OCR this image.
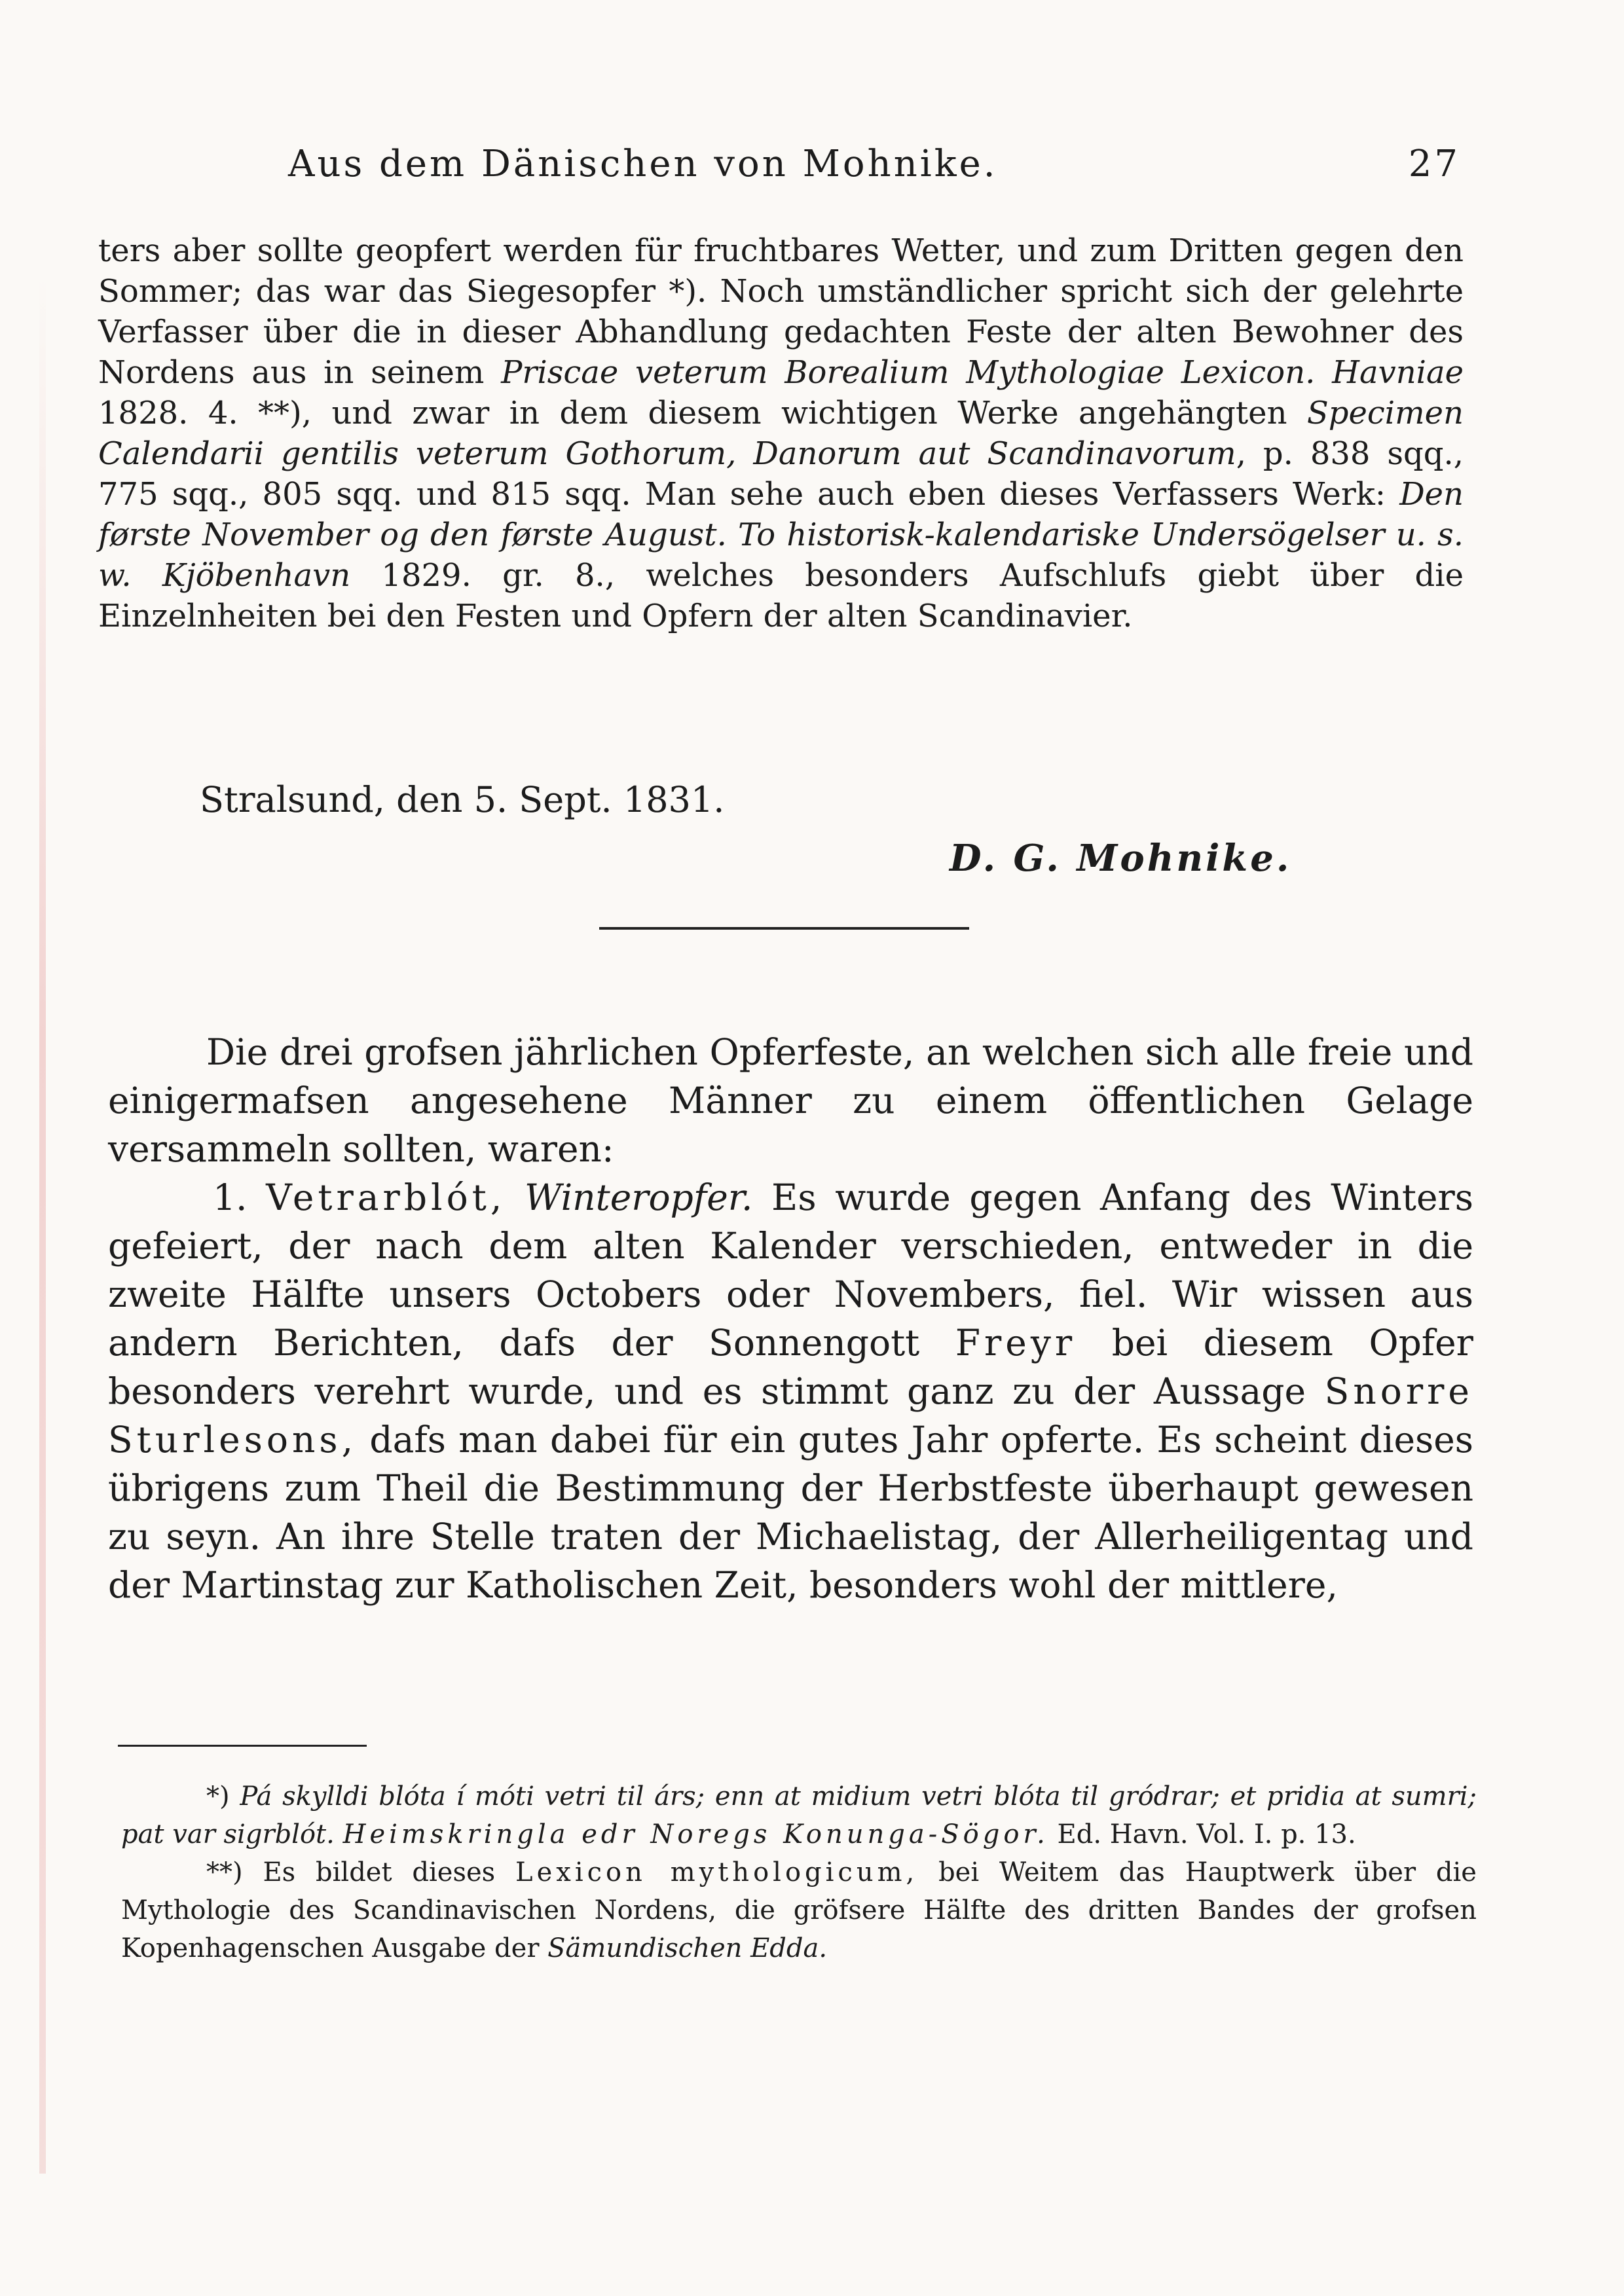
Aus dem Dänischen von Mohnike.	27

ters aber sollte geopfert werden für fruchtbares Wetter, und zum Dritten gegen den Sommer; das war das Siegesopfer *). Noch umständlicher spricht sich der gelehrte Verfasser über die in dieser Abhandlung gedachten Feste der alten Bewohner des Nordens aus in seinem Priscae veterum Borealium Mythologiae Lexicon. Havniae 1828. 4. **), und zwar in dem diesem wichtigen Werke angehängten Specimen Calendarii gentilis veterum Gothorum, Danorum aut Scandinavorum, p. 838 sqq., 775 sqq., 805 sqq. und 815 sqq. Man sehe auch eben dieses Verfassers Werk: Den første November og den første August. To historisk-kalendariske Undersögelser u. s. w. Kjöbenhavn 1829. gr. 8., welches besonders Aufschlufs giebt über die Einzelnheiten bei den Festen und Opfern der alten Scandinavier.

Stralsund, den 5. Sept. 1831.
D. G. Mohnike.

Die drei grofsen jährlichen Opferfeste, an welchen sich alle freie und einigermafsen angesehene Männer zu einem öffentlichen Gelage versammeln sollten, waren:

1. Vetrarblót, Winteropfer. Es wurde gegen Anfang des Winters gefeiert, der nach dem alten Kalender verschieden, entweder in die zweite Hälfte unsers Octobers oder Novembers, fiel. Wir wissen aus andern Berichten, dafs der Sonnengott Freyr bei diesem Opfer besonders verehrt wurde, und es stimmt ganz zu der Aussage Snorre Sturlesons, dafs man dabei für ein gutes Jahr opferte. Es scheint dieses übrigens zum Theil die Bestimmung der Herbstfeste überhaupt gewesen zu seyn. An ihre Stelle traten der Michaelistag, der Allerheiligentag und der Martinstag zur Katholischen Zeit, besonders wohl der mittlere,

*) Pá skylldi blóta í móti vetri til árs; enn at midium vetri blóta til gródrar; et pridia at sumri; pat var sigrblót. Heimskringla edr Noregs Konunga-Sögor. Ed. Havn. Vol. I. p. 13.

**) Es bildet dieses Lexicon mythologicum, bei Weitem das Hauptwerk über die Mythologie des Scandinavischen Nordens, die gröfsere Hälfte des dritten Bandes der grofsen Kopenhagenschen Ausgabe der Sämundischen Edda.
